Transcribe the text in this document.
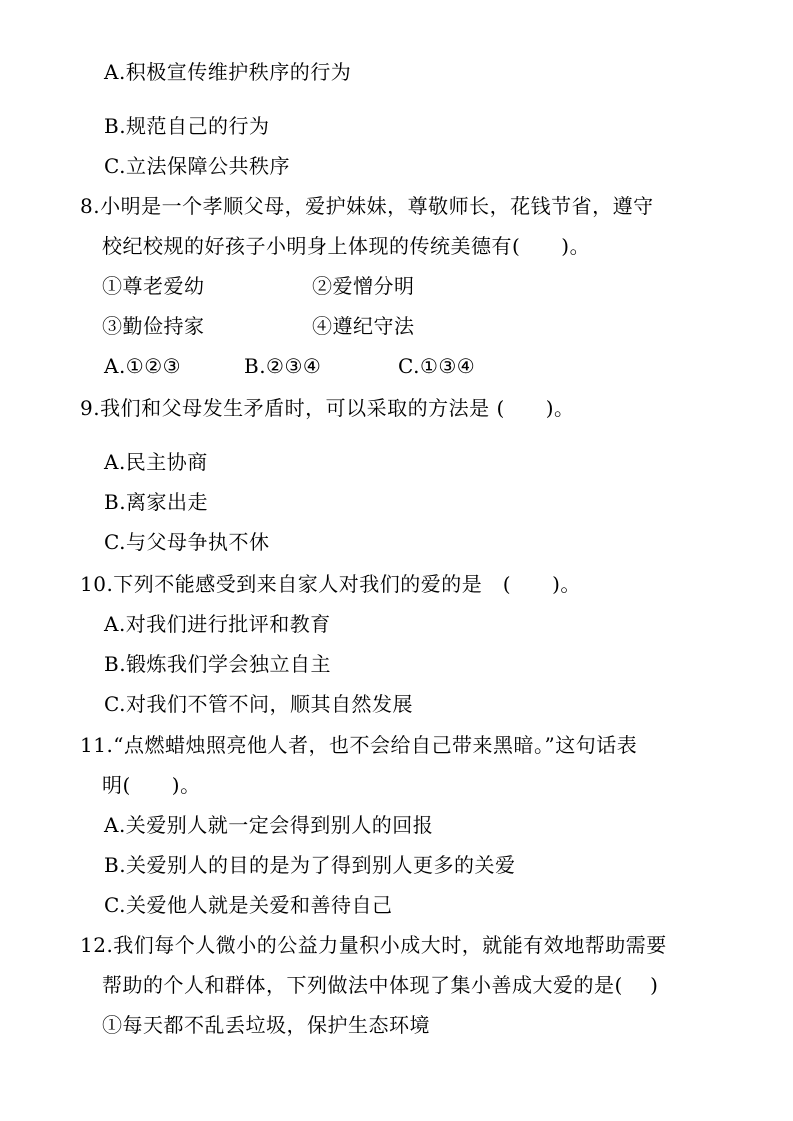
A.积极宣传维护秩序的行为
B.规范自己的行为
C.立法保障公共秩序
8.小明是一个孝顺父母，爱护妹妹，尊敬师长，花钱节省，遵守
校纪校规的好孩子小明身上体现的传统美德有(　　)。
①尊老爱幼	②爱憎分明
③勤俭持家	④遵纪守法
A.①②③	B.②③④	C.①③④
9.我们和父母发生矛盾时，可以采取的方法是 (　　)。
A.民主协商
B.离家出走
C.与父母争执不休
10.下列不能感受到来自家人对我们的爱的是　(　　)。
A.对我们进行批评和教育
B.锻炼我们学会独立自主
C.对我们不管不问，顺其自然发展
11.“点燃蜡烛照亮他人者，也不会给自己带来黑暗。”这句话表
明(　　)。
A.关爱别人就一定会得到别人的回报
B.关爱别人的目的是为了得到别人更多的关爱
C.关爱他人就是关爱和善待自己
12.我们每个人微小的公益力量积小成大时，就能有效地帮助需要
帮助的个人和群体，下列做法中体现了集小善成大爱的是(　 )
①每天都不乱丢垃圾，保护生态环境
